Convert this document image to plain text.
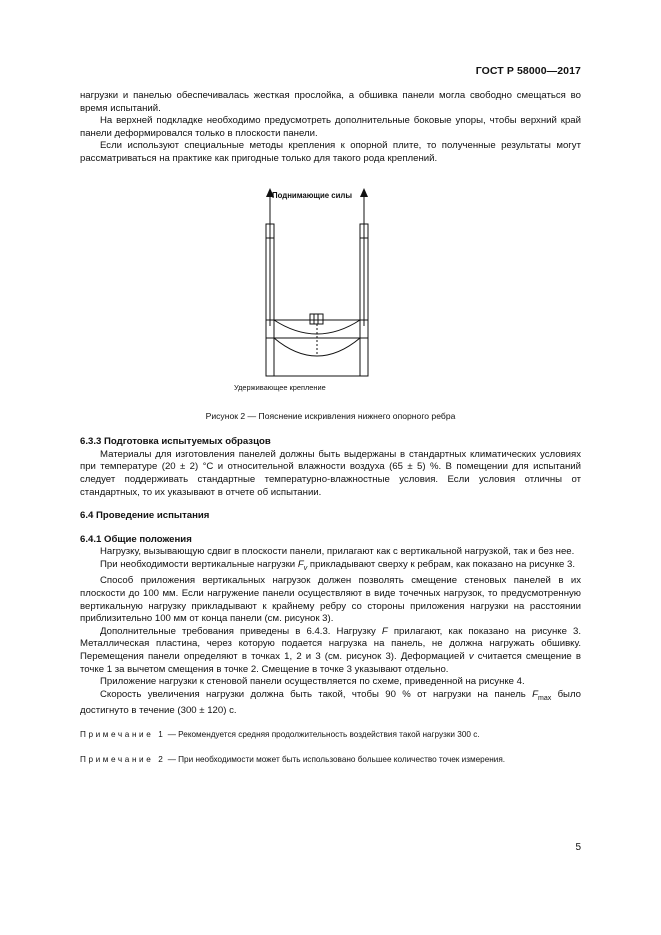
ГОСТ Р 58000—2017

нагрузки и панелью обеспечивалась жесткая прослойка, а обшивка панели могла свободно смещаться во время испытаний.

На верхней подкладке необходимо предусмотреть дополнительные боковые упоры, чтобы верхний край панели деформировался только в плоскости панели.

Если используют специальные методы крепления к опорной плите, то полученные результаты могут рассматриваться на практике как пригодные только для такого рода креплений.

Поднимающие силы
Удерживающее крепление
Рисунок 2 — Пояснение искривления нижнего опорного ребра
6.3.3 Подготовка испытуемых образцов

Материалы для изготовления панелей должны быть выдержаны в стандартных климатических условиях при температуре (20 ± 2) °С и относительной влажности воздуха (65 ± 5) %. В помещении для испытаний следует поддерживать стандартные температурно-влажностные условия. Если условия отличны от стандартных, то их указывают в отчете об испытании.

6.4 Проведение испытания
6.4.1 Общие положения

Нагрузку, вызывающую сдвиг в плоскости панели, прилагают как с вертикальной нагрузкой, так и без нее.

При необходимости вертикальные нагрузки $F_v$ прикладывают сверху к ребрам, как показано на рисунке 3.

Способ приложения вертикальных нагрузок должен позволять смещение стеновых панелей в их плоскости до 100 мм. Если нагружение панели осуществляют в виде точечных нагрузок, то предусмотренную вертикальную нагрузку прикладывают к крайнему ребру со стороны приложения нагрузки на расстоянии приблизительно 100 мм от конца панели (см. рисунок 3).

Дополнительные требования приведены в 6.4.3. Нагрузку F прилагают, как показано на рисунке 3. Металлическая пластина, через которую подается нагрузка на панель, не должна нагружать обшивку. Перемещения панели определяют в точках 1, 2 и 3 (см. рисунок 3). Деформацией v считается смещение в точке 1 за вычетом смещения в точке 2. Смещение в точке 3 указывают отдельно.

Приложение нагрузки к стеновой панели осуществляется по схеме, приведенной на рисунке 4.

Скорость увеличения нагрузки должна быть такой, чтобы 90 % от нагрузки на панель $F_{max}$ было достигнуто в течение (300 ± 120) с.

Примечание 1 — Рекомендуется средняя продолжительность воздействия такой нагрузки 300 с.

Примечание 2 — При необходимости может быть использовано большее количество точек измерения.

5
